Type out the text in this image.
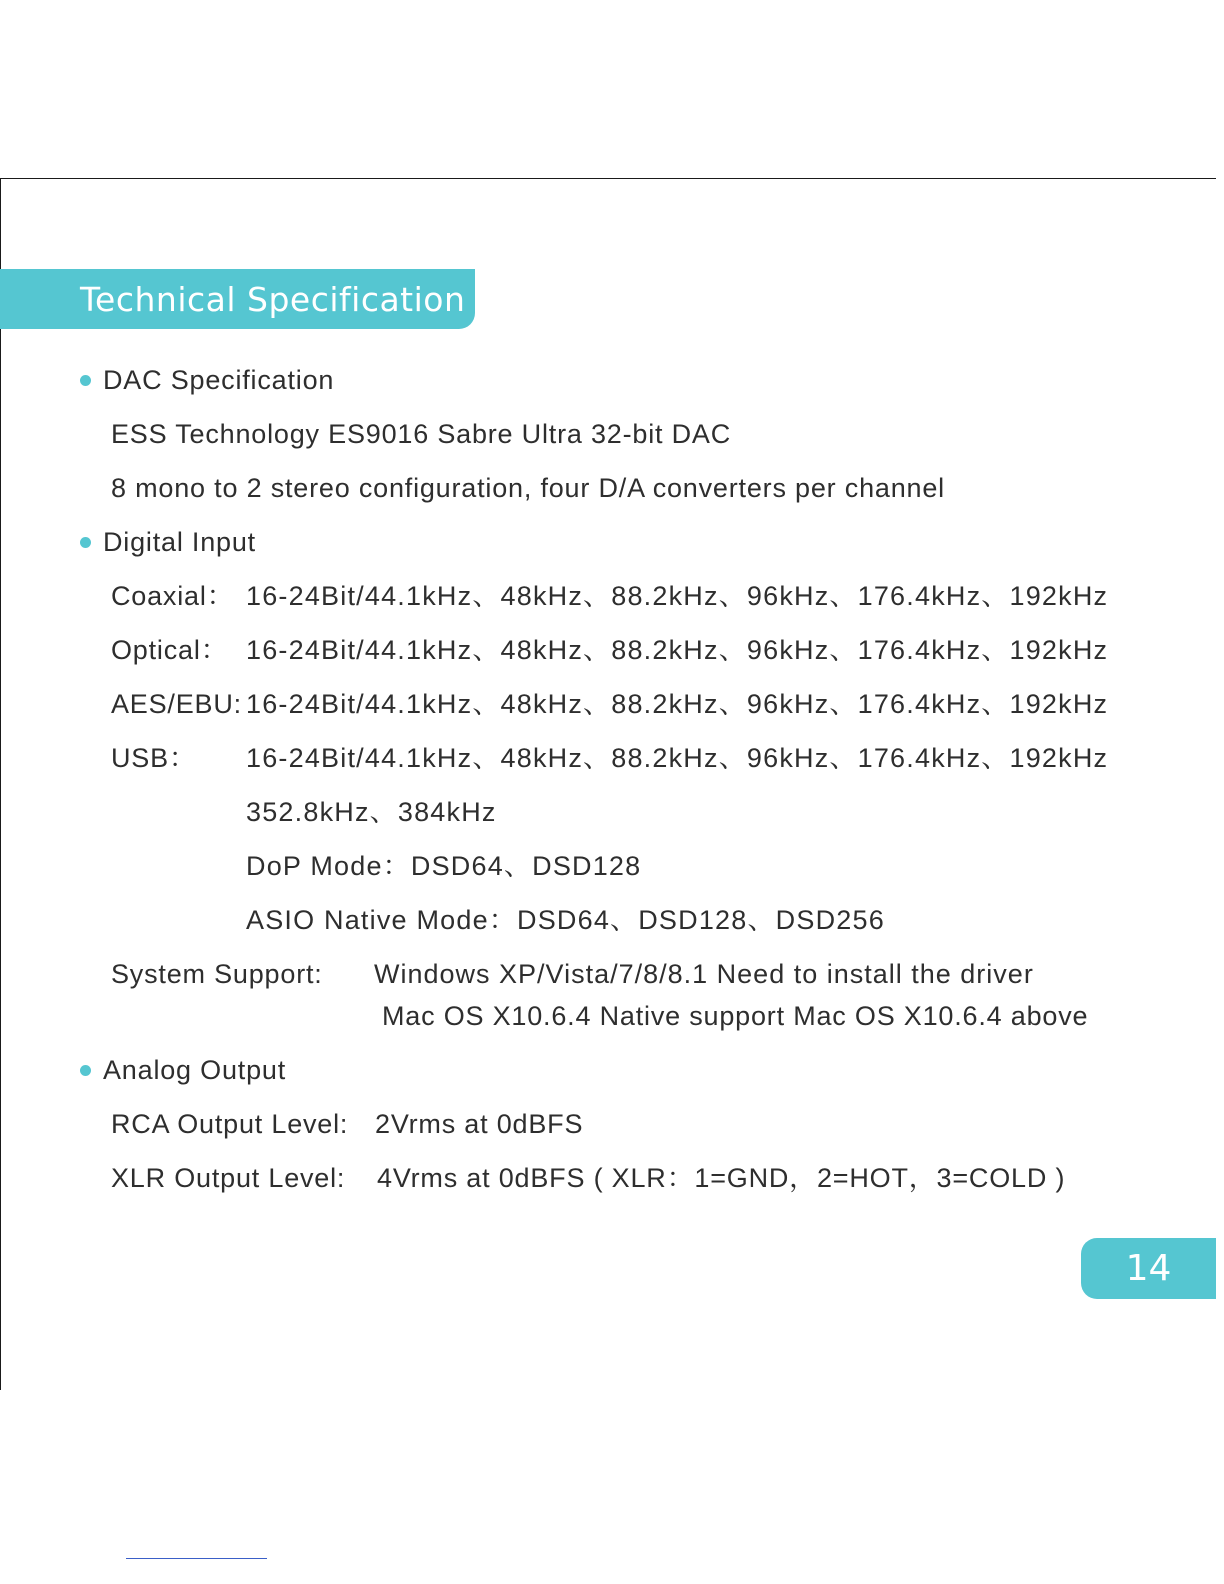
Technical Specification
DAC Specification
ESS Technology ES9016 Sabre Ultra 32-bit DAC
8 mono to 2 stereo configuration, four D/A converters per channel
Digital Input
Coaxial： 16-24Bit/44.1kHz、48kHz、88.2kHz、96kHz、176.4kHz、192kHz
Optical： 16-24Bit/44.1kHz、48kHz、88.2kHz、96kHz、176.4kHz、192kHz
AES/EBU: 16-24Bit/44.1kHz、48kHz、88.2kHz、96kHz、176.4kHz、192kHz
USB： 16-24Bit/44.1kHz、48kHz、88.2kHz、96kHz、176.4kHz、192kHz
352.8kHz、384kHz
DoP Mode：DSD64、DSD128
ASIO Native Mode：DSD64、DSD128、DSD256
System Support: Windows XP/Vista/7/8/8.1 Need to install the driver
Mac OS X10.6.4 Native support Mac OS X10.6.4 above
Analog Output
RCA Output Level: 2Vrms at 0dBFS
XLR Output Level: 4Vrms at 0dBFS ( XLR：1=GND，2=HOT，3=COLD )
14
